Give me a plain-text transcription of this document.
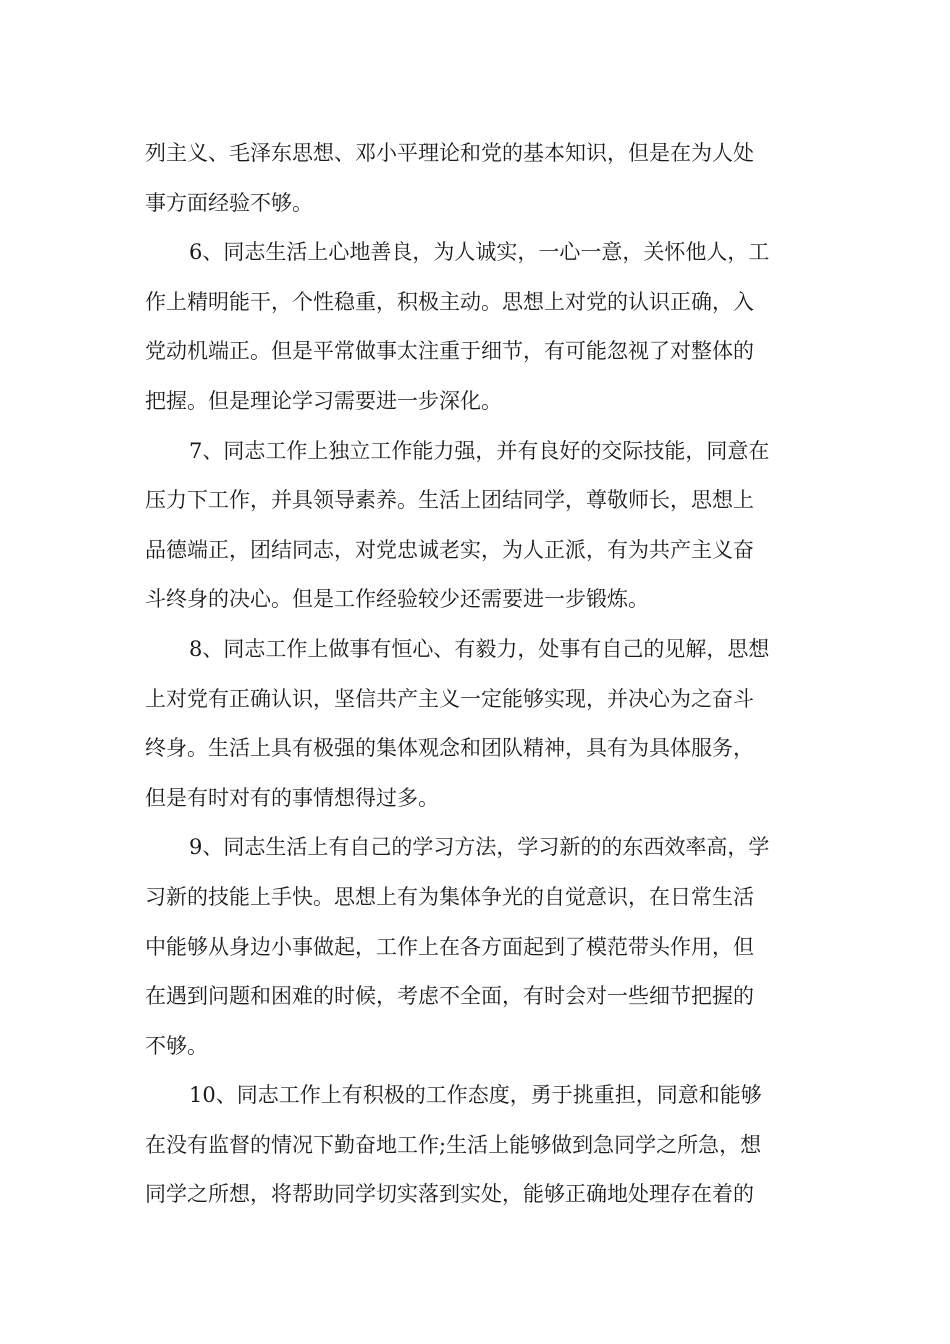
列主义、毛泽东思想、邓小平理论和党的基本知识，但是在为人处
事方面经验不够。
6、同志生活上心地善良，为人诚实，一心一意，关怀他人，工
作上精明能干，个性稳重，积极主动。思想上对党的认识正确，入
党动机端正。但是平常做事太注重于细节，有可能忽视了对整体的
把握。但是理论学习需要进一步深化。
7、同志工作上独立工作能力强，并有良好的交际技能，同意在
压力下工作，并具领导素养。生活上团结同学，尊敬师长，思想上
品德端正，团结同志，对党忠诚老实，为人正派，有为共产主义奋
斗终身的决心。但是工作经验较少还需要进一步锻炼。
8、同志工作上做事有恒心、有毅力，处事有自己的见解，思想
上对党有正确认识，坚信共产主义一定能够实现，并决心为之奋斗
终身。生活上具有极强的集体观念和团队精神，具有为具体服务，
但是有时对有的事情想得过多。
9、同志生活上有自己的学习方法，学习新的的东西效率高，学
习新的技能上手快。思想上有为集体争光的自觉意识，在日常生活
中能够从身边小事做起，工作上在各方面起到了模范带头作用，但
在遇到问题和困难的时候，考虑不全面，有时会对一些细节把握的
不够。
10、同志工作上有积极的工作态度，勇于挑重担，同意和能够
在没有监督的情况下勤奋地工作;生活上能够做到急同学之所急，想
同学之所想，将帮助同学切实落到实处，能够正确地处理存在着的
